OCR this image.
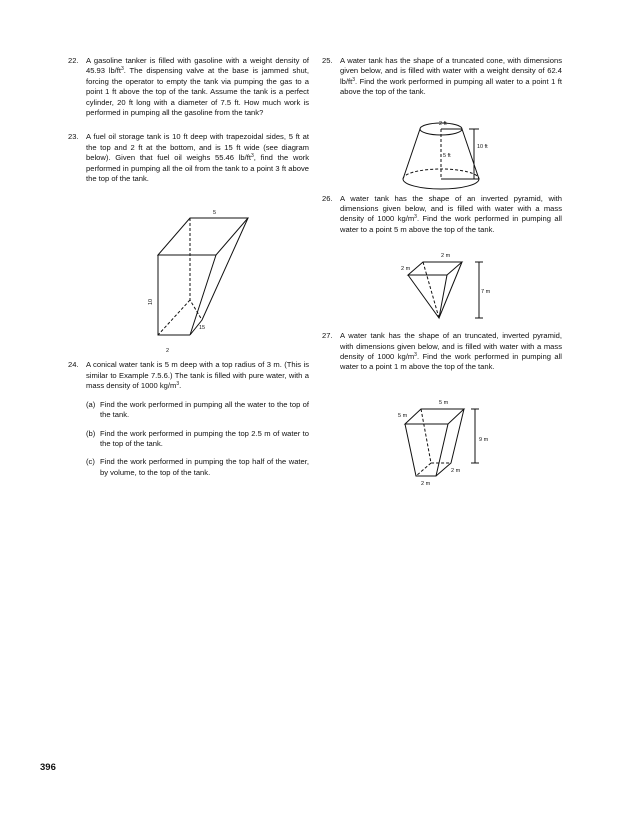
22. A gasoline tanker is filled with gasoline with a weight density of 45.93 $lb/ft^3$. The dispensing valve at the base is jammed shut, forcing the operator to empty the tank via pumping the gas to a point 1 ft above the top of the tank. Assume the tank is a perfect cylinder, 20 ft long with a diameter of 7.5 ft. How much work is performed in pumping all the gasoline from the tank?
23. A fuel oil storage tank is 10 ft deep with trapezoidal sides, 5 ft at the top and 2 ft at the bottom, and is 15 ft wide (see diagram below). Given that fuel oil weighs 55.46 $lb/ft^3$, find the work performed in pumping all the oil from the tank to a point 3 ft above the top of the tank.
24. A conical water tank is 5 m deep with a top radius of 3 m. (This is similar to Example 7.5.6.) The tank is filled with pure water, with a mass density of 1000 $kg/m^3$.
(a) Find the work performed in pumping all the water to the top of the tank.
(b) Find the work performed in pumping the top 2.5 m of water to the top of the tank.
(c) Find the work performed in pumping the top half of the water, by volume, to the top of the tank.
5
10
15
2
25. A water tank has the shape of a truncated cone, with dimensions given below, and is filled with water with a weight density of 62.4 $lb/ft^3$. Find the work performed in pumping all water to a point 1 ft above the top of the tank.
26. A water tank has the shape of an inverted pyramid, with dimensions given below, and is filled with water with a mass density of 1000 $kg/m^3$. Find the work performed in pumping all water to a point 5 m above the top of the tank.
27. A water tank has the shape of an truncated, inverted pyramid, with dimensions given below, and is filled with water with a mass density of 1000 $kg/m^3$. Find the work performed in pumping all water to a point 1 m above the top of the tank.
2 ft
5 ft
10 ft
2 m
2 m
7 m
5 m
5 m
9 m
2 m
2 m
396
